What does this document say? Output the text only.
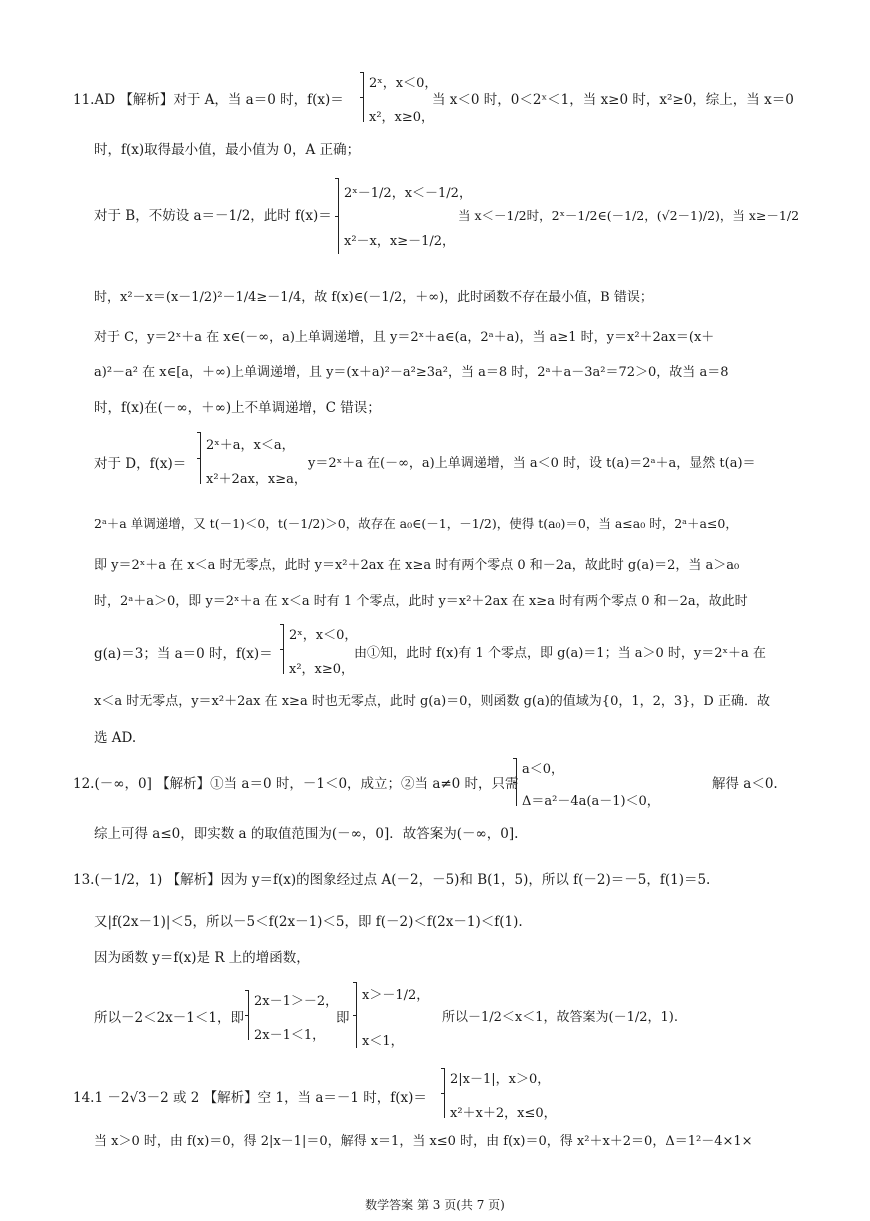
11.AD 【解析】对于 A，当 a＝0 时，f(x)＝
2ˣ，x＜0，
x²，x≥0，
当 x＜0 时，0＜2ˣ＜1，当 x≥0 时，x²≥0，综上，当 x＝0
时，f(x)取得最小值，最小值为 0，A 正确；
对于 B，不妨设 a＝－1/2，此时 f(x)＝
2ˣ－1/2，x＜－1/2，
x²－x，x≥－1/2，
当 x＜－1/2时，2ˣ－1/2∈(－1/2，(√2－1)/2)，当 x≥－1/2
时，x²－x＝(x－1/2)²－1/4≥－1/4，故 f(x)∈(－1/2，＋∞)，此时函数不存在最小值，B 错误；
对于 C，y＝2ˣ＋a 在 x∈(－∞，a)上单调递增，且 y＝2ˣ＋a∈(a，2ᵃ＋a)，当 a≥1 时，y＝x²＋2ax＝(x＋
a)²－a² 在 x∈[a，＋∞)上单调递增，且 y＝(x＋a)²－a²≥3a²，当 a＝8 时，2ᵃ＋a－3a²＝72＞0，故当 a＝8
时，f(x)在(－∞，＋∞)上不单调递增，C 错误；
对于 D，f(x)＝
2ˣ＋a，x＜a，
x²＋2ax，x≥a，
y＝2ˣ＋a 在(－∞，a)上单调递增，当 a＜0 时，设 t(a)＝2ᵃ＋a，显然 t(a)＝
2ᵃ＋a 单调递增，又 t(－1)＜0，t(－1/2)＞0，故存在 a₀∈(－1，－1/2)，使得 t(a₀)＝0，当 a≤a₀ 时，2ᵃ＋a≤0，
即 y＝2ˣ＋a 在 x＜a 时无零点，此时 y＝x²＋2ax 在 x≥a 时有两个零点 0 和－2a，故此时 g(a)＝2，当 a＞a₀
时，2ᵃ＋a＞0，即 y＝2ˣ＋a 在 x＜a 时有 1 个零点，此时 y＝x²＋2ax 在 x≥a 时有两个零点 0 和－2a，故此时
g(a)＝3；当 a＝0 时，f(x)＝
2ˣ，x＜0，
x²，x≥0，
由①知，此时 f(x)有 1 个零点，即 g(a)＝1；当 a＞0 时，y＝2ˣ＋a 在
x＜a 时无零点，y＝x²＋2ax 在 x≥a 时也无零点，此时 g(a)＝0，则函数 g(a)的值域为{0，1，2，3}，D 正确．故
选 AD.
12.(－∞，0] 【解析】①当 a＝0 时，－1＜0，成立；②当 a≠0 时，只需
a＜0，
Δ＝a²－4a(a－1)＜0，
解得 a＜0.
综上可得 a≤0，即实数 a 的取值范围为(－∞，0]．故答案为(－∞，0].
13.(－1/2，1) 【解析】因为 y＝f(x)的图象经过点 A(－2，－5)和 B(1，5)，所以 f(－2)＝－5，f(1)＝5.
又|f(2x－1)|＜5，所以－5＜f(2x－1)＜5，即 f(－2)＜f(2x－1)＜f(1).
因为函数 y＝f(x)是 R 上的增函数，
所以－2＜2x－1＜1，即
2x－1＞－2，
2x－1＜1，
即
x＞－1/2，
x＜1，
所以－1/2＜x＜1，故答案为(－1/2，1).
14.1 －2√3－2 或 2 【解析】空 1，当 a＝－1 时，f(x)＝
2|x－1|，x＞0，
x²＋x＋2，x≤0，
当 x＞0 时，由 f(x)＝0，得 2|x－1|＝0，解得 x＝1，当 x≤0 时，由 f(x)＝0，得 x²＋x＋2＝0，Δ＝1²－4×1×
数学答案 第 3 页(共 7 页)
